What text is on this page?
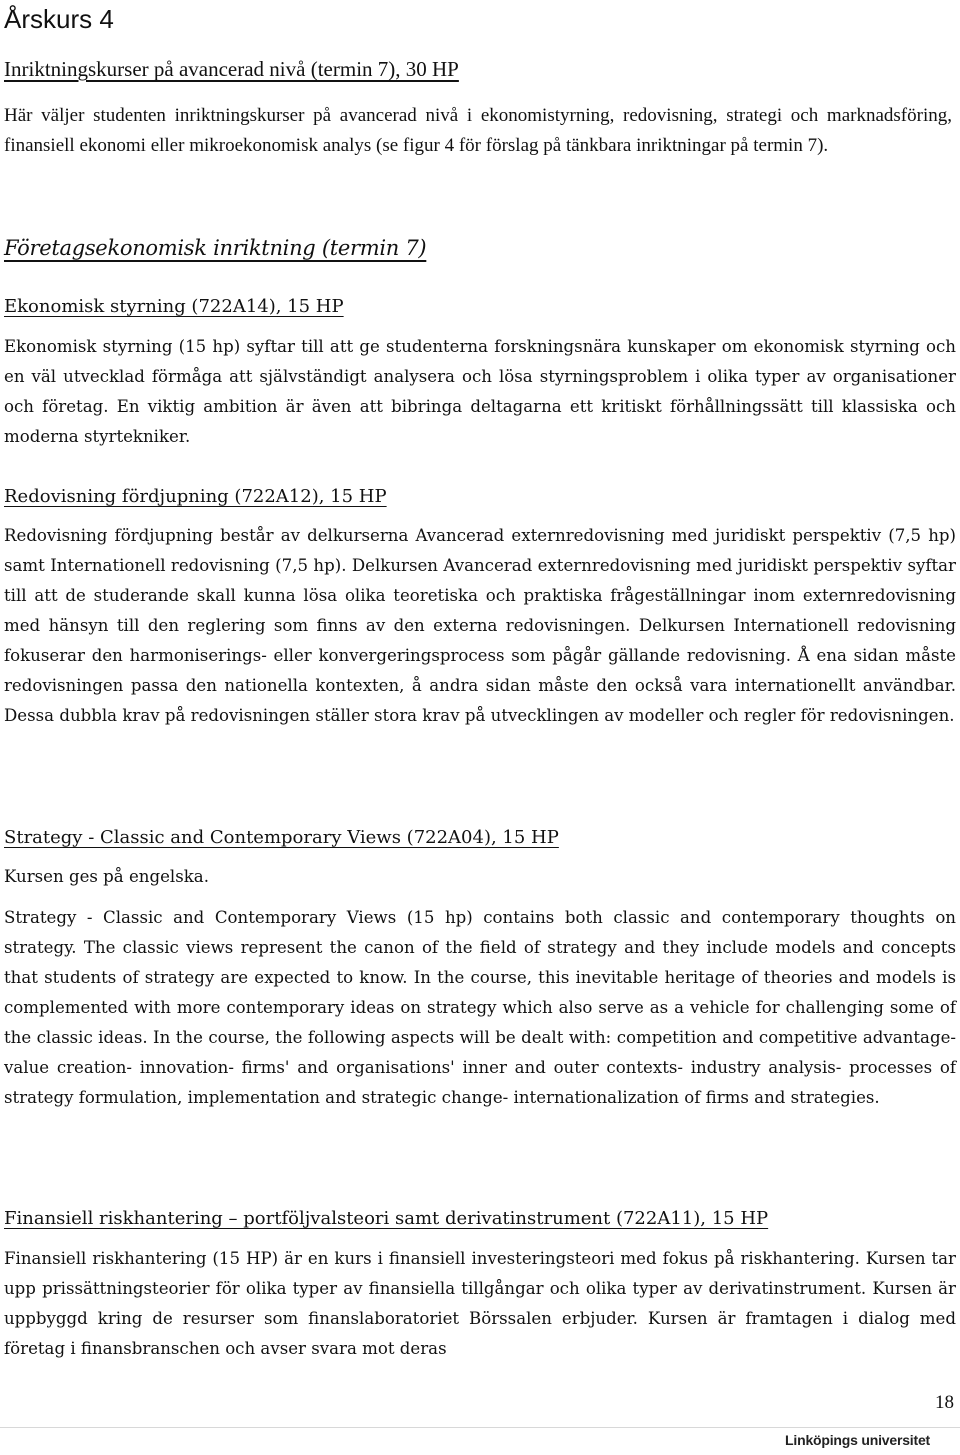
Årskurs 4
Inriktningskurser på avancerad nivå (termin 7), 30 HP

Här väljer studenten inriktningskurser på avancerad nivå i ekonomistyrning, redovisning, strategi och marknadsföring, finansiell ekonomi eller mikroekonomisk analys (se figur 4 för förslag på tänkbara inriktningar på termin 7).

Företagsekonomisk inriktning (termin 7)
Ekonomisk styrning (722A14), 15 HP

Ekonomisk styrning (15 hp) syftar till att ge studenterna forskningsnära kunskaper om ekonomisk styrning och en väl utvecklad förmåga att självständigt analysera och lösa styrningsproblem i olika typer av organisationer och företag. En viktig ambition är även att bibringa deltagarna ett kritiskt förhållningssätt till klassiska och moderna styrtekniker.

Redovisning fördjupning (722A12), 15 HP

Redovisning fördjupning består av delkurserna Avancerad externredovisning med juridiskt perspektiv (7,5 hp) samt Internationell redovisning (7,5 hp). Delkursen Avancerad externredovisning med juridiskt perspektiv syftar till att de studerande skall kunna lösa olika teoretiska och praktiska frågeställningar inom externredovisning med hänsyn till den reglering som finns av den externa redovisningen. Delkursen Internationell redovisning fokuserar den harmoniserings- eller konvergeringsprocess som pågår gällande redovisning. Å ena sidan måste redovisningen passa den nationella kontexten, å andra sidan måste den också vara internationellt användbar. Dessa dubbla krav på redovisningen ställer stora krav på utvecklingen av modeller och regler för redovisningen.

Strategy - Classic and Contemporary Views (722A04), 15 HP

Kursen ges på engelska.

Strategy - Classic and Contemporary Views (15 hp) contains both classic and contemporary thoughts on strategy. The classic views represent the canon of the field of strategy and they include models and concepts that students of strategy are expected to know. In the course, this inevitable heritage of theories and models is complemented with more contemporary ideas on strategy which also serve as a vehicle for challenging some of the classic ideas. In the course, the following aspects will be dealt with: competition and competitive advantage- value creation- innovation- firms' and organisations' inner and outer contexts- industry analysis- processes of strategy formulation, implementation and strategic change- internationalization of firms and strategies.

Finansiell riskhantering – portföljvalsteori samt derivatinstrument (722A11), 15 HP

Finansiell riskhantering (15 HP) är en kurs i finansiell investeringsteori med fokus på riskhantering. Kursen tar upp prissättningsteorier för olika typer av finansiella tillgångar och olika typer av derivatinstrument. Kursen är uppbyggd kring de resurser som finanslaboratoriet Börssalen erbjuder. Kursen är framtagen i dialog med företag i finansbranschen och avser svara mot deras

18
Linköpings universitet
